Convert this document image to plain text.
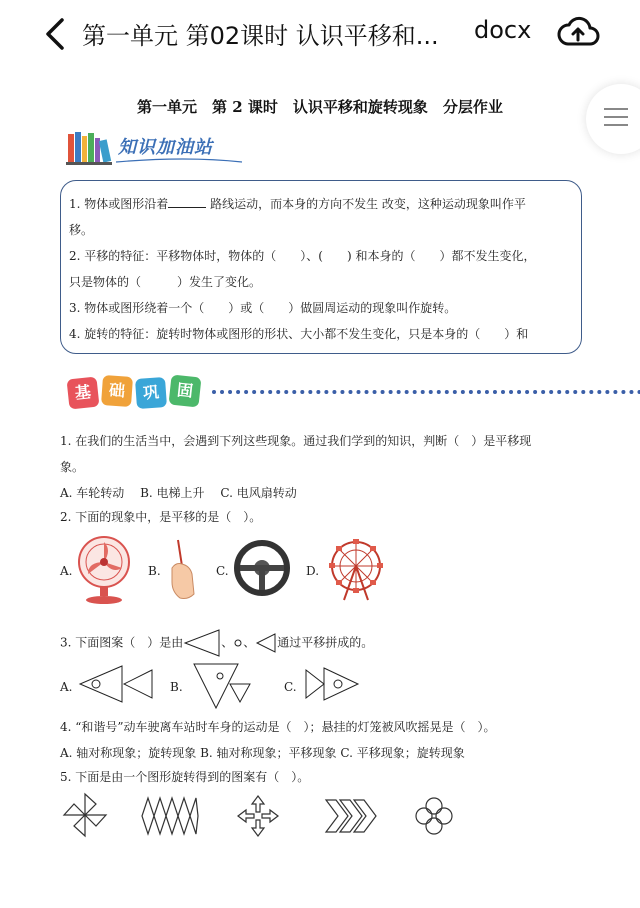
第一单元 第02课时 认识平移和...	docx
第一单元　第 2 课时　认识平移和旋转现象　分层作业
知识加油站

1. 物体或图形沿着	路线运动，而本身的方向不发生 改变，这种运动现象叫作平

移。

2. 平移的特征：平移物体时，物体的（　　）、(　　) 和本身的（　　）都不发生变化，

只是物体的（　　　）发生了变化。

3. 物体或图形绕着一个（　　）或（　　）做圆周运动的现象叫作旋转。

4. 旋转的特征：旋转时物体或图形的形状、大小都不发生变化，只是本身的（　　）和

基	础	巩	固
1. 在我们的生活当中，会遇到下列这些现象。通过我们学到的知识，判断（　）是平移现
象。
A. 车轮转动　 B. 电梯上升　 C. 电风扇转动
2. 下面的现象中，是平移的是（　）。
A.	B.	C.	D.
3. 下面图案（　）是由	、 、 通过平移拼成的。
A.	B.	C.
4. “和谐号”动车驶离车站时车身的运动是（　）；悬挂的灯笼被风吹摇晃是（　）。
A. 轴对称现象；旋转现象 B. 轴对称现象；平移现象 C. 平移现象；旋转现象
5. 下面是由一个图形旋转得到的图案有（　）。
